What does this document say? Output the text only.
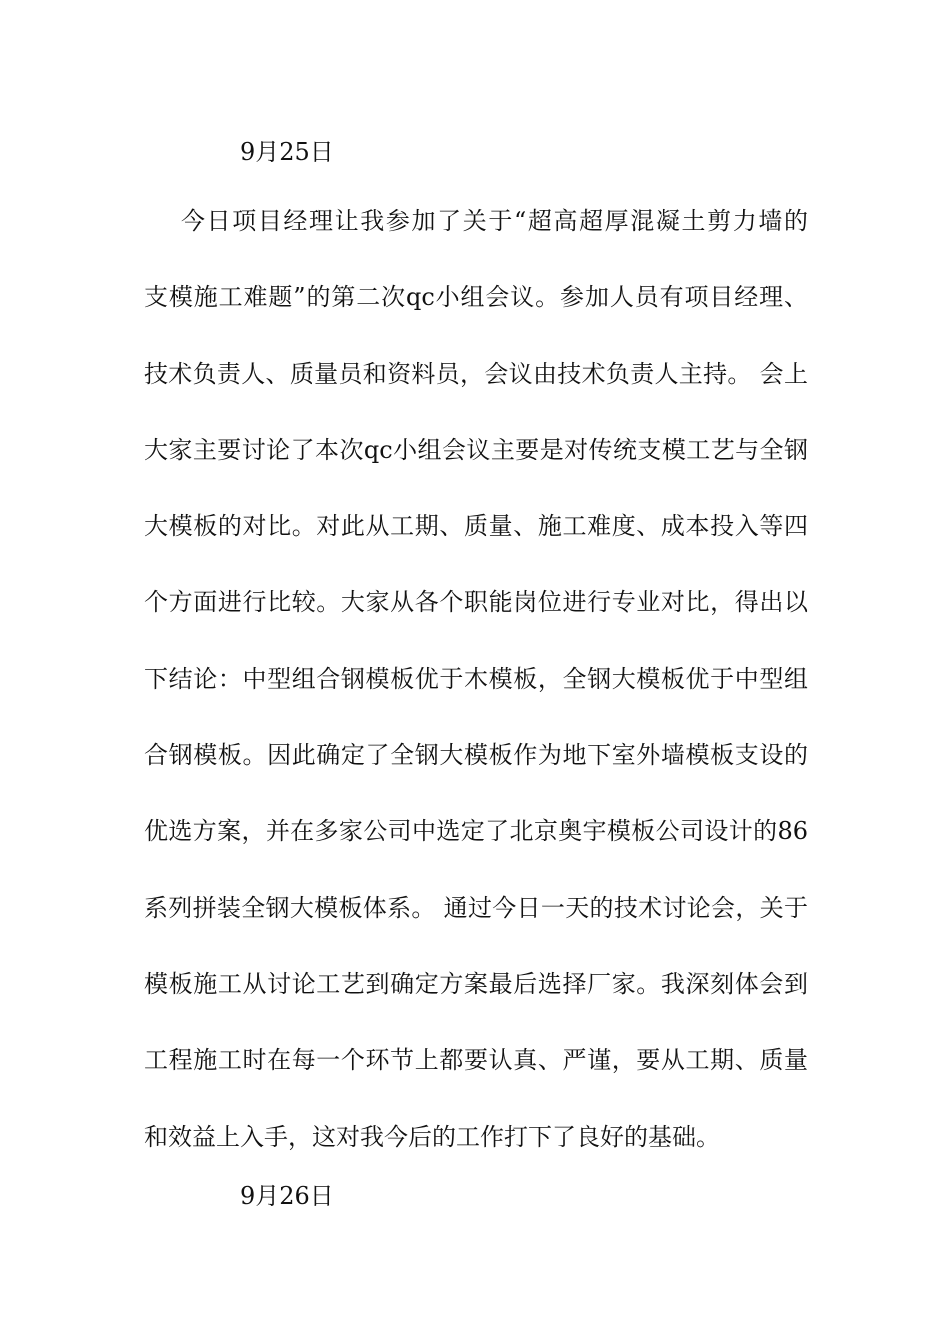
9月25日
今日项目经理让我参加了关于“超高超厚混凝土剪力墙的
支模施工难题”的第二次qc小组会议。参加人员有项目经理、
技术负责人、质量员和资料员，会议由技术负责人主持。 会上
大家主要讨论了本次qc小组会议主要是对传统支模工艺与全钢
大模板的对比。对此从工期、质量、施工难度、成本投入等四
个方面进行比较。大家从各个职能岗位进行专业对比，得出以
下结论：中型组合钢模板优于木模板，全钢大模板优于中型组
合钢模板。因此确定了全钢大模板作为地下室外墙模板支设的
优选方案，并在多家公司中选定了北京奥宇模板公司设计的86
系列拼装全钢大模板体系。 通过今日一天的技术讨论会，关于
模板施工从讨论工艺到确定方案最后选择厂家。我深刻体会到
工程施工时在每一个环节上都要认真、严谨，要从工期、质量
和效益上入手，这对我今后的工作打下了良好的基础。
9月26日
